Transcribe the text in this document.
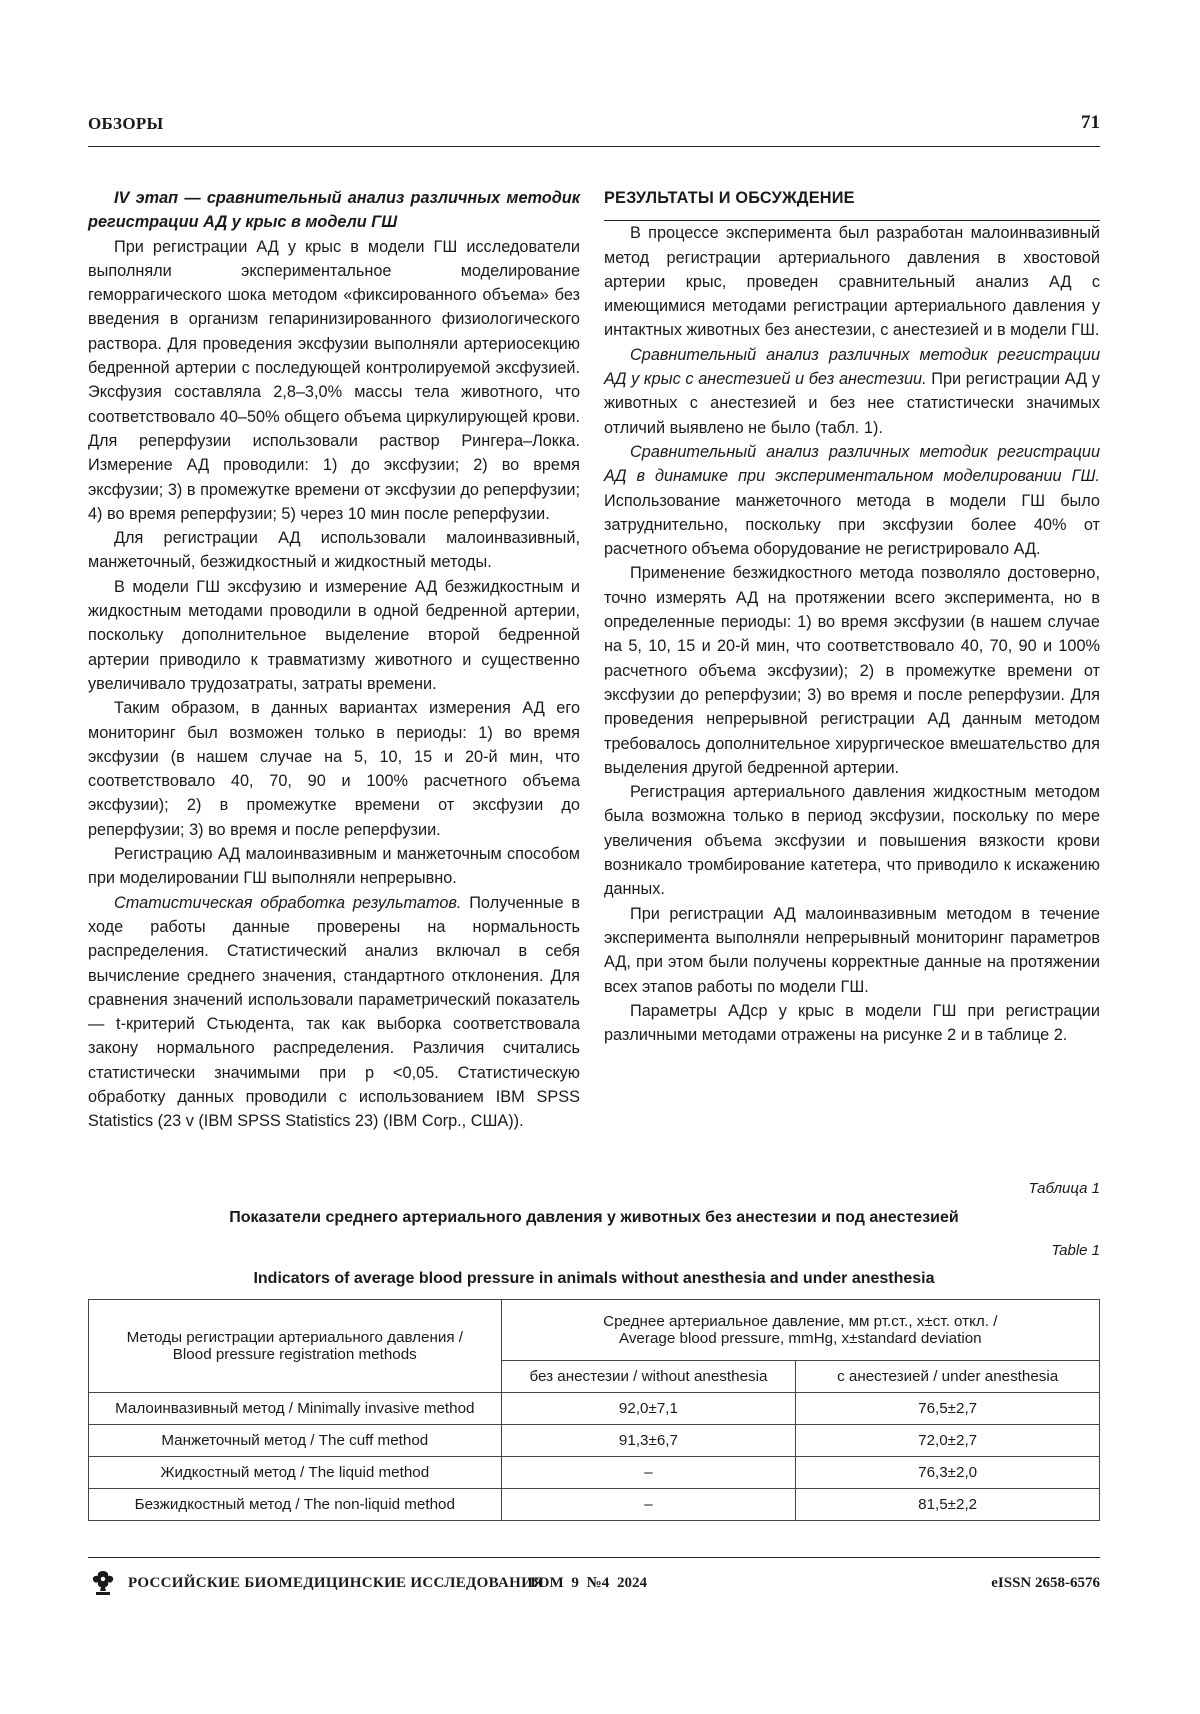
ОБЗОРЫ	71

IV этап — сравнительный анализ различных методик регистрации АД у крыс в модели ГШ

При регистрации АД у крыс в модели ГШ исследователи выполняли экспериментальное моделирование геморрагического шока методом «фиксированного объема» без введения в организм гепаринизированного физиологического раствора. Для проведения эксфузии выполняли артериосекцию бедренной артерии с последующей контролируемой эксфузией. Эксфузия составляла 2,8–3,0% массы тела животного, что соответствовало 40–50% общего объема циркулирующей крови. Для реперфузии использовали раствор Рингера–Локка. Измерение АД проводили: 1) до эксфузии; 2) во время эксфузии; 3) в промежутке времени от эксфузии до реперфузии; 4) во время реперфузии; 5) через 10 мин после реперфузии.

Для регистрации АД использовали малоинвазивный, манжеточный, безжидкостный и жидкостный методы.

В модели ГШ эксфузию и измерение АД безжидкостным и жидкостным методами проводили в одной бедренной артерии, поскольку дополнительное выделение второй бедренной артерии приводило к травматизму животного и существенно увеличивало трудозатраты, затраты времени.

Таким образом, в данных вариантах измерения АД его мониторинг был возможен только в периоды: 1) во время эксфузии (в нашем случае на 5, 10, 15 и 20-й мин, что соответствовало 40, 70, 90 и 100% расчетного объема эксфузии); 2) в промежутке времени от эксфузии до реперфузии; 3) во время и после реперфузии.

Регистрацию АД малоинвазивным и манжеточным способом при моделировании ГШ выполняли непрерывно.

Статистическая обработка результатов. Полученные в ходе работы данные проверены на нормальность распределения. Статистический анализ включал в себя вычисление среднего значения, стандартного отклонения. Для сравнения значений использовали параметрический показатель — t-критерий Стьюдента, так как выборка соответствовала закону нормального распределения. Различия считались статистически значимыми при p <0,05. Статистическую обработку данных проводили с использованием IBM SPSS Statistics (23 v (IBM SPSS Statistics 23) (IBM Corp., США)).

РЕЗУЛЬТАТЫ И ОБСУЖДЕНИЕ

В процессе эксперимента был разработан малоинвазивный метод регистрации артериального давления в хвостовой артерии крыс, проведен сравнительный анализ АД с имеющимися методами регистрации артериального давления у интактных животных без анестезии, с анестезией и в модели ГШ.

Сравнительный анализ различных методик регистрации АД у крыс с анестезией и без анестезии. При регистрации АД у животных с анестезией и без нее статистически значимых отличий выявлено не было (табл. 1).

Сравнительный анализ различных методик регистрации АД в динамике при экспериментальном моделировании ГШ. Использование манжеточного метода в модели ГШ было затруднительно, поскольку при эксфузии более 40% от расчетного объема оборудование не регистрировало АД.

Применение безжидкостного метода позволяло достоверно, точно измерять АД на протяжении всего эксперимента, но в определенные периоды: 1) во время эксфузии (в нашем случае на 5, 10, 15 и 20-й мин, что соответствовало 40, 70, 90 и 100% расчетного объема эксфузии); 2) в промежутке времени от эксфузии до реперфузии; 3) во время и после реперфузии. Для проведения непрерывной регистрации АД данным методом требовалось дополнительное хирургическое вмешательство для выделения другой бедренной артерии.

Регистрация артериального давления жидкостным методом была возможна только в период эксфузии, поскольку по мере увеличения объема эксфузии и повышения вязкости крови возникало тромбирование катетера, что приводило к искажению данных.

При регистрации АД малоинвазивным методом в течение эксперимента выполняли непрерывный мониторинг параметров АД, при этом были получены корректные данные на протяжении всех этапов работы по модели ГШ.

Параметры АДср у крыс в модели ГШ при регистрации различными методами отражены на рисунке 2 и в таблице 2.

Таблица 1
Показатели среднего артериального давления у животных без анестезии и под анестезией
Table 1
Indicators of average blood pressure in animals without anesthesia and under anesthesia
Методы регистрации артериального давления /
Blood pressure registration methods	Среднее артериальное давление, мм рт.ст., x±ст. откл. /
Average blood pressure, mmHg, x±standard deviation	
	без анестезии / without anesthesia	с анестезией / under anesthesia
Малоинвазивный метод / Minimally invasive method	92,0±7,1	76,5±2,7
Манжеточный метод / The cuff method	91,3±6,7	72,0±2,7
Жидкостный метод / The liquid method	–	76,3±2,0
Безжидкостный метод / The non-liquid method	–	81,5±2,2
РОССИЙСКИЕ БИОМЕДИЦИНСКИЕ ИССЛЕДОВАНИЯ
ТОМ 9 №4 2024	eISSN 2658-6576
